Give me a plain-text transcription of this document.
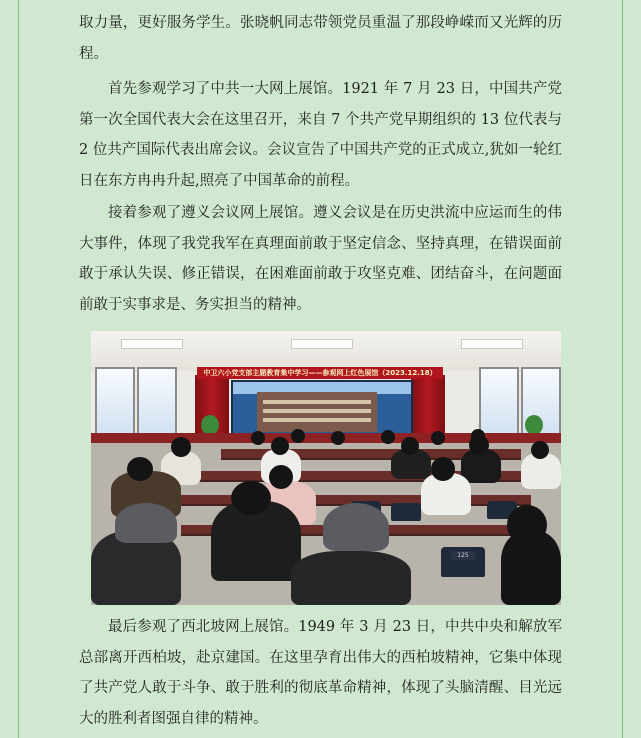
取力量，更好服务学生。张晓帆同志带领党员重温了那段峥嵘而又光辉的历程。

首先参观学习了中共一大网上展馆。1921 年 7 月 23 日，中国共产党第一次全国代表大会在这里召开，来自 7 个共产党早期组织的 13 位代表与 2 位共产国际代表出席会议。会议宣告了中国共产党的正式成立,犹如一轮红日在东方冉冉升起,照亮了中国革命的前程。

接着参观了遵义会议网上展馆。遵义会议是在历史洪流中应运而生的伟大事件，体现了我党我军在真理面前敢于坚定信念、坚持真理，在错误面前敢于承认失误、修正错误，在困难面前敢于攻坚克难、团结奋斗，在问题面前敢于实事求是、务实担当的精神。

中卫六小党支部主题教育集中学习——参观网上红色展馆（2023.12.18）
125

最后参观了西北坡网上展馆。1949 年 3 月 23 日，中共中央和解放军总部离开西柏坡，赴京建国。在这里孕育出伟大的西柏坡精神，它集中体现了共产党人敢于斗争、敢于胜利的彻底革命精神，体现了头脑清醒、目光远大的胜利者图强自律的精神。
